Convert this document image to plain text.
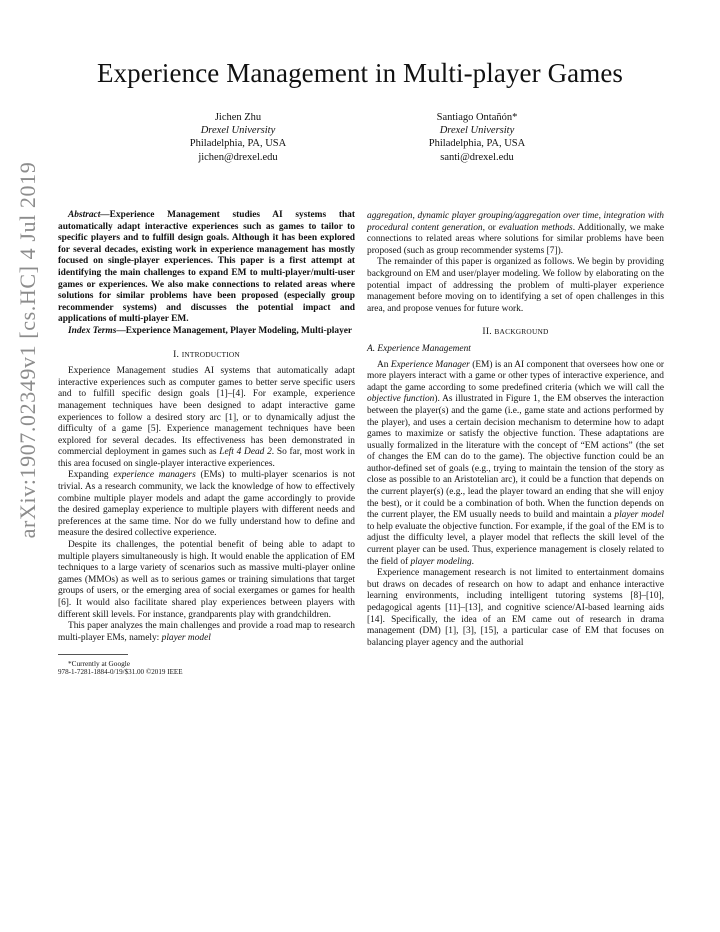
Experience Management in Multi-player Games
Jichen Zhu
Drexel University
Philadelphia, PA, USA
jichen@drexel.edu
Santiago Ontañón*
Drexel University
Philadelphia, PA, USA
santi@drexel.edu
arXiv:1907.02349v1 [cs.HC] 4 Jul 2019	Abstract—Experience Management studies AI systems that automatically adapt interactive experiences such as games to tailor to specific players and to fulfill design goals. Although it has been explored for several decades, existing work in experience management has mostly focused on single-player experiences. This paper is a first attempt at identifying the main challenges to expand EM to multi-player/multi-user games or experiences. We also make connections to related areas where solutions for similar problems have been proposed (especially group recommender systems) and discusses the potential impact and applications of multi-player EM.

Index Terms—Experience Management, Player Modeling, Multi-player

I. INTRODUCTION

Experience Management studies AI systems that automatically adapt interactive experiences such as computer games to better serve specific users and to fulfill specific design goals [1]–[4]. For example, experience management techniques have been designed to adapt interactive game experiences to follow a desired story arc [1], or to dynamically adjust the difficulty of a game [5]. Experience management techniques have been explored for several decades. Its effectiveness has been demonstrated in commercial deployment in games such as Left 4 Dead 2. So far, most work in this area focused on single-player interactive experiences.

Expanding experience managers (EMs) to multi-player scenarios is not trivial. As a research community, we lack the knowledge of how to effectively combine multiple player models and adapt the game accordingly to provide the desired gameplay experience to multiple players with different needs and preferences at the same time. Nor do we fully understand how to define and measure the desired collective experience.

Despite its challenges, the potential benefit of being able to adapt to multiple players simultaneously is high. It would enable the application of EM techniques to a large variety of scenarios such as massive multi-player online games (MMOs) as well as to serious games or training simulations that target groups of users, or the emerging area of social exergames or games for health [6]. It would also facilitate shared play experiences between players with different skill levels. For instance, grandparents play with grandchildren.

This paper analyzes the main challenges and provide a road map to research multi-player EMs, namely: player model

*Currently at Google

978-1-7281-1884-0/19/$31.00 ©2019 IEEE

aggregation, dynamic player grouping/aggregation over time, integration with procedural content generation, or evaluation methods. Additionally, we make connections to related areas where solutions for similar problems have been proposed (such as group recommender systems [7]).

The remainder of this paper is organized as follows. We begin by providing background on EM and user/player modeling. We follow by elaborating on the potential impact of addressing the problem of multi-player experience management before moving on to identifying a set of open challenges in this area, and propose venues for future work.

II. BACKGROUND
A. Experience Management

An Experience Manager (EM) is an AI component that oversees how one or more players interact with a game or other types of interactive experience, and adapt the game according to some predefined criteria (which we will call the objective function). As illustrated in Figure 1, the EM observes the interaction between the player(s) and the game (i.e., game state and actions performed by the player), and uses a certain decision mechanism to determine how to adapt games to maximize or satisfy the objective function. These adaptations are usually formalized in the literature with the concept of “EM actions” (the set of changes the EM can do to the game). The objective function could be an author-defined set of goals (e.g., trying to maintain the tension of the story as close as possible to an Aristotelian arc), it could be a function that depends on the current player(s) (e.g., lead the player toward an ending that she will enjoy the best), or it could be a combination of both. When the function depends on the current player, the EM usually needs to build and maintain a player model to help evaluate the objective function. For example, if the goal of the EM is to adjust the difficulty level, a player model that reflects the skill level of the current player can be used. Thus, experience management is closely related to the field of player modeling.

Experience management research is not limited to entertainment domains but draws on decades of research on how to adapt and enhance interactive learning environments, including intelligent tutoring systems [8]–[10], pedagogical agents [11]–[13], and cognitive science/AI-based learning aids [14]. Specifically, the idea of an EM came out of research in drama management (DM) [1], [3], [15], a particular case of EM that focuses on balancing player agency and the authorial
